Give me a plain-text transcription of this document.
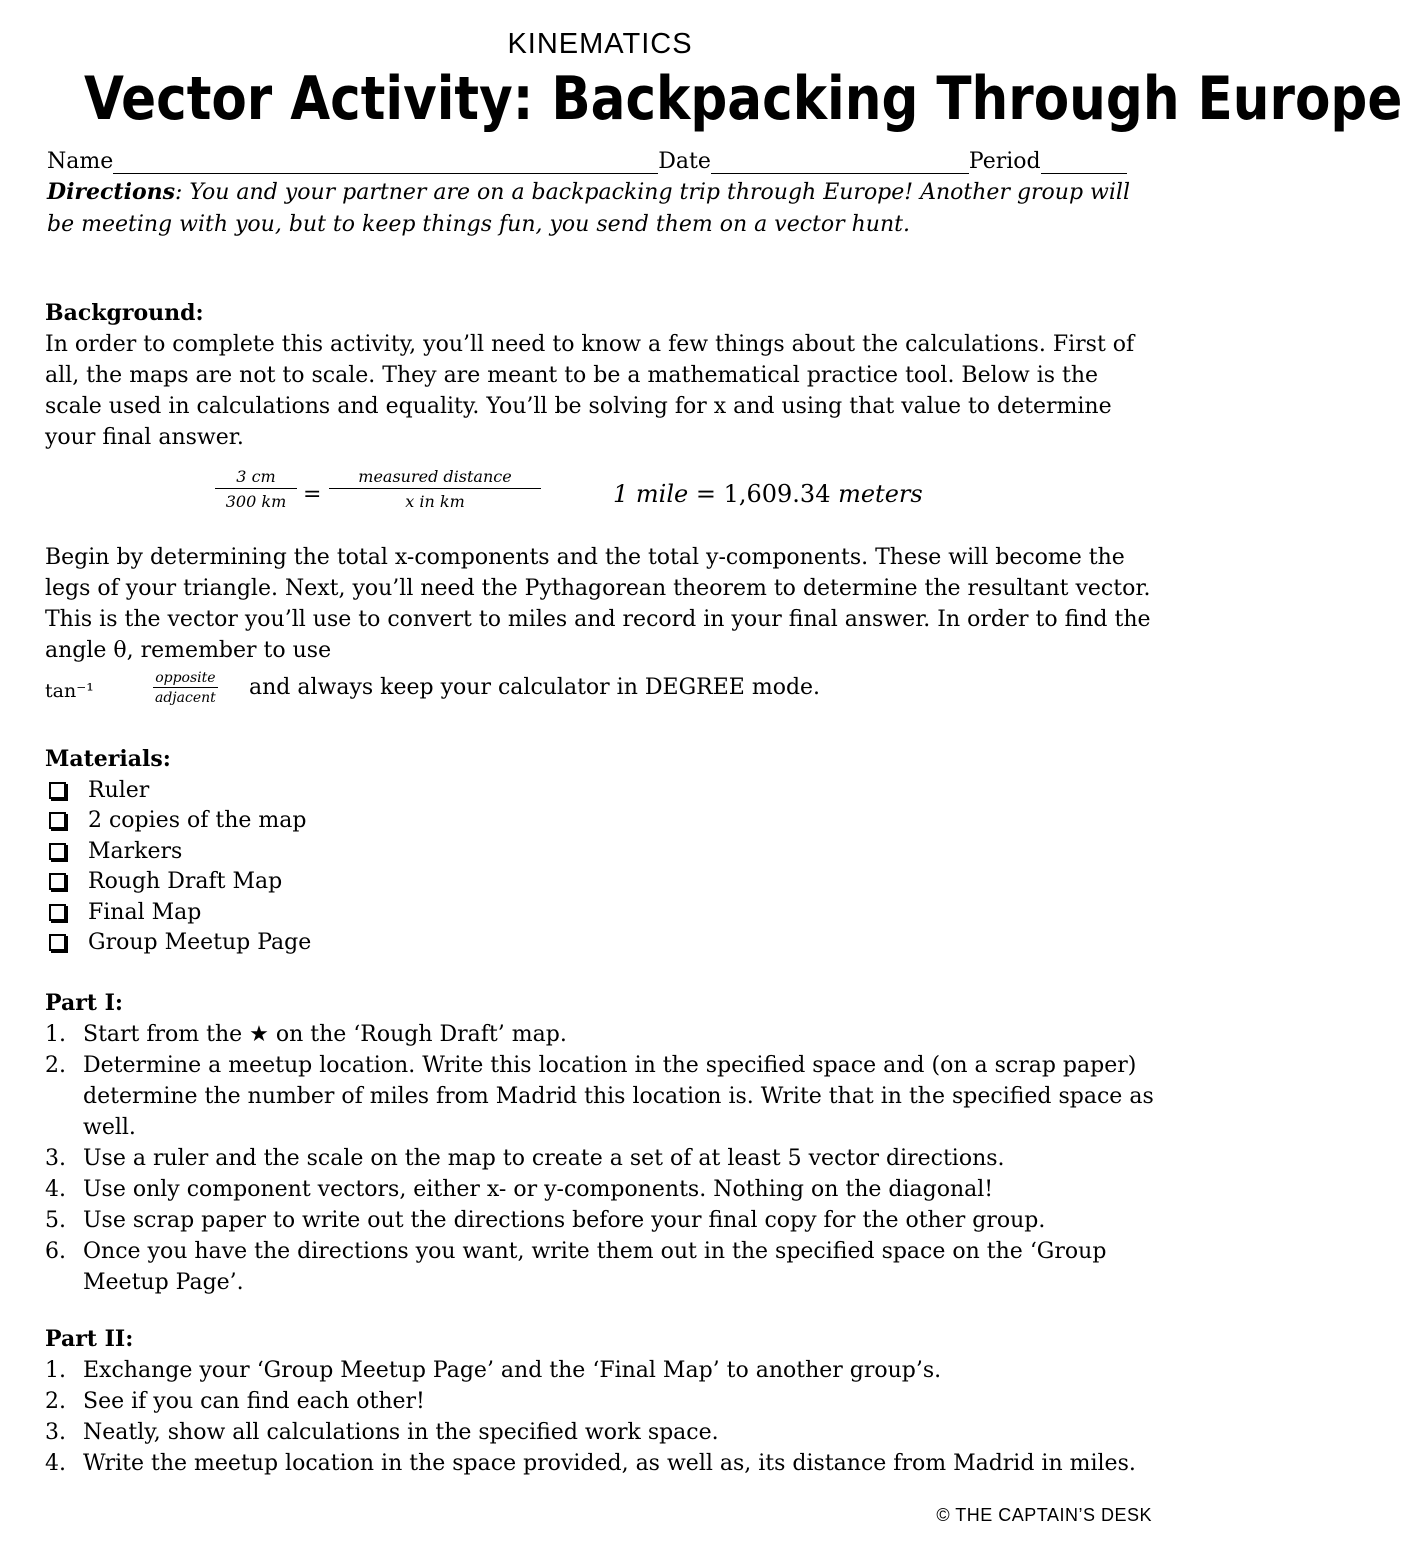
KINEMATICS
Vector Activity: Backpacking Through Europe
Name	Date	Period
Directions: You and your partner are on a backpacking trip through Europe! Another group will be meeting with you, but to keep things fun, you send them on a vector hunt.
Background:

In order to complete this activity, you’ll need to know a few things about the calculations. First of all, the maps are not to scale. They are meant to be a mathematical practice tool. Below is the scale used in calculations and equality. You’ll be solving for x and using that value to determine your final answer.

$\frac{3 cm}{300 km}$ =
measured distance
x in km	1 mile = 1,609.34 meters

Begin by determining the total x-components and the total y-components. These will become the legs of your triangle. Next, you’ll need the Pythagorean theorem to determine the resultant vector. This is the vector you’ll use to convert to miles and record in your final answer. In order to find the angle θ, remember to use

tan⁻¹
opposite
adjacent and always keep your calculator in DEGREE mode.
Materials:
Ruler
2 copies of the map
Markers
Rough Draft Map
Final Map
Group Meetup Page
Part I:
1. Start from the ★ on the ‘Rough Draft’ map.
2. Determine a meetup location. Write this location in the specified space and (on a scrap paper) determine the number of miles from Madrid this location is. Write that in the specified space as well.
3. Use a ruler and the scale on the map to create a set of at least 5 vector directions.
4. Use only component vectors, either x- or y-components. Nothing on the diagonal!
5. Use scrap paper to write out the directions before your final copy for the other group.
6. Once you have the directions you want, write them out in the specified space on the ‘Group Meetup Page’.
Part II:
1. Exchange your ‘Group Meetup Page’ and the ‘Final Map’ to another group’s.
2. See if you can find each other!
3. Neatly, show all calculations in the specified work space.
4. Write the meetup location in the space provided, as well as, its distance from Madrid in miles.
© THE CAPTAIN’S DESK
